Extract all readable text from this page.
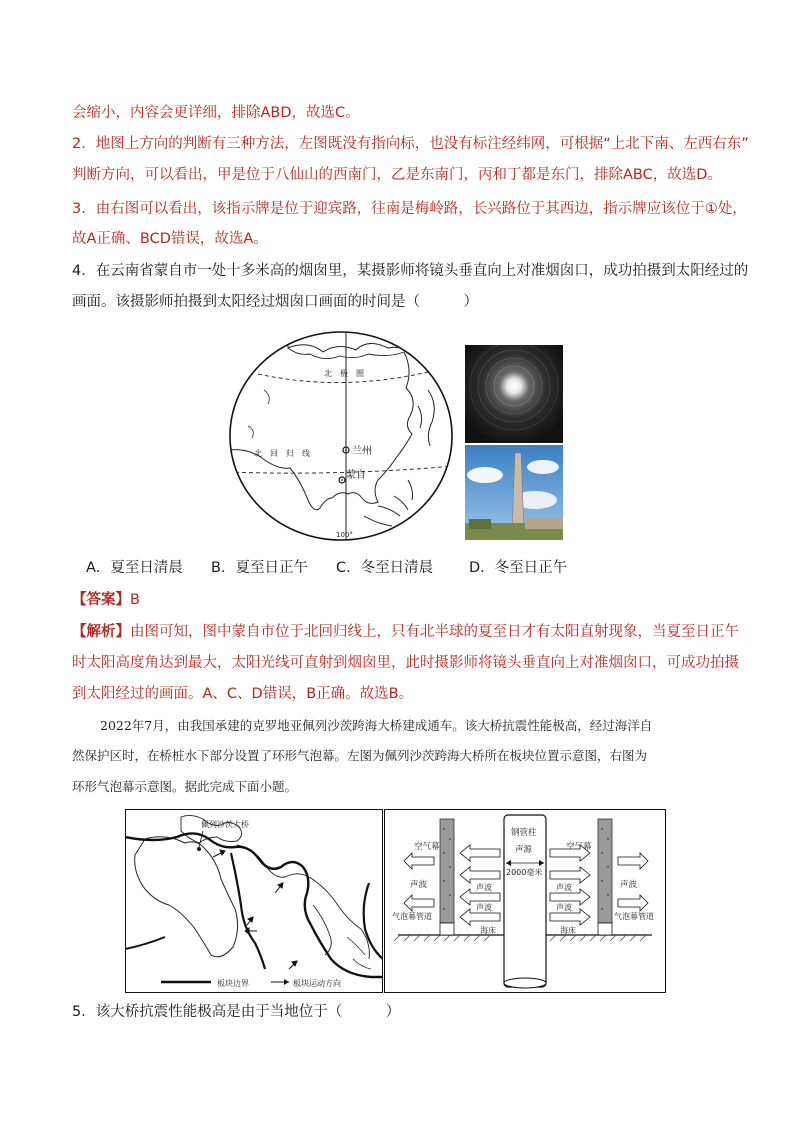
会缩小，内容会更详细，排除ABD，故选C。
2．地图上方向的判断有三种方法，左图既没有指向标，也没有标注经纬网，可根据“上北下南、左西右东”
判断方向，可以看出，甲是位于八仙山的西南门，乙是东南门，丙和丁都是东门，排除ABC，故选D。
3．由右图可以看出，该指示牌是位于迎宾路，往南是梅岭路，长兴路位于其西边，指示牌应该位于①处，
故A正确、BCD错误，故选A。
4．在云南省蒙自市一处十多米高的烟囱里，某摄影师将镜头垂直向上对准烟囱口，成功拍摄到太阳经过的
画面。该摄影师拍摄到太阳经过烟囱口画面的时间是（　　　）
北　极　圈
北　回　归　线	兰州
蒙自
100°
A．夏至日清晨 B．夏至日正午 C．冬至日清晨 D．冬至日正午
【答案】B
【解析】由图可知，图中蒙自市位于北回归线上，只有北半球的夏至日才有太阳直射现象，当夏至日正午
时太阳高度角达到最大，太阳光线可直射到烟囱里，此时摄影师将镜头垂直向上对准烟囱口，可成功拍摄
到太阳经过的画面。A、C、D错误，B正确。故选B。
2022年7月，由我国承建的克罗地亚佩列沙茨跨海大桥建成通车。该大桥抗震性能极高，经过海洋自
然保护区时，在桥桩水下部分设置了环形气泡幕。左图为佩列沙茨跨海大桥所在板块位置示意图，右图为
环形气泡幕示意图。据此完成下面小题。
佩列沙茨大桥
板块边界	板块运动方向
钢管柱
声源
2000毫米
空气幕	空气幕
声波	声波
声波
声波
声波
声波
气泡幕管道	气泡幕管道
海床	海床
5．该大桥抗震性能极高是由于当地位于（　　　）
